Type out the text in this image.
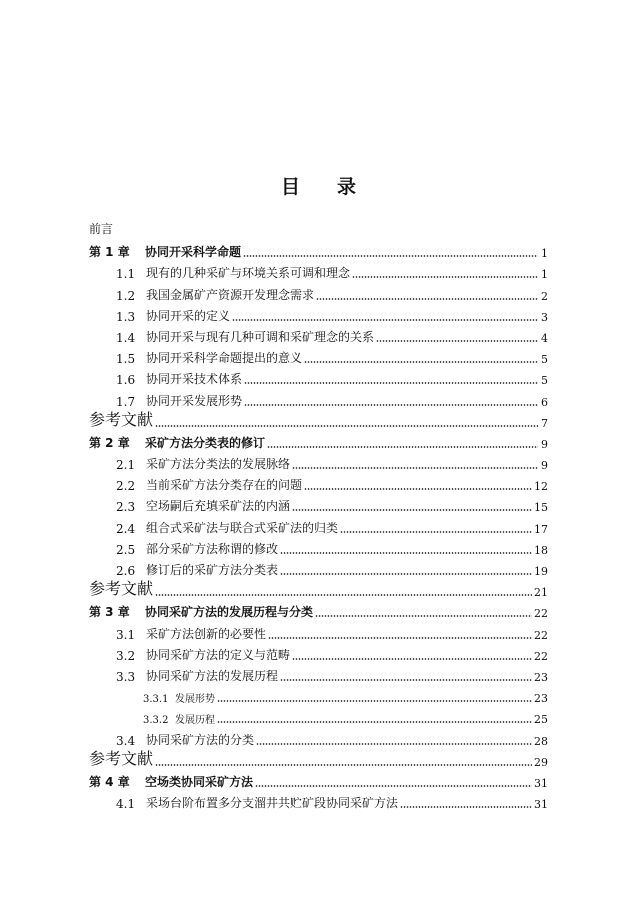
目 录
前言
第 1 章	协同开采科学命题	1
1.1 现有的几种采矿与环境关系可调和理念	1
1.2 我国金属矿产资源开发理念需求	2
1.3 协同开采的定义	3
1.4 协同开采与现有几种可调和采矿理念的关系	4
1.5 协同开采科学命题提出的意义	5
1.6 协同开采技术体系	5
1.7 协同开采发展形势	6
参考文献	7
第 2 章	采矿方法分类表的修订	9
2.1 采矿方法分类法的发展脉络	9
2.2 当前采矿方法分类存在的问题	12
2.3 空场嗣后充填采矿法的内涵	15
2.4 组合式采矿法与联合式采矿法的归类	17
2.5 部分采矿方法称谓的修改	18
2.6 修订后的采矿方法分类表	19
参考文献	21
第 3 章	协同采矿方法的发展历程与分类	22
3.1 采矿方法创新的必要性	22
3.2 协同采矿方法的定义与范畴	22
3.3 协同采矿方法的发展历程	23
3.3.1 发展形势	23
3.3.2 发展历程	25
3.4 协同采矿方法的分类	28
参考文献	29
第 4 章	空场类协同采矿方法	31
4.1 采场台阶布置多分支溜井共贮矿段协同采矿方法	31
